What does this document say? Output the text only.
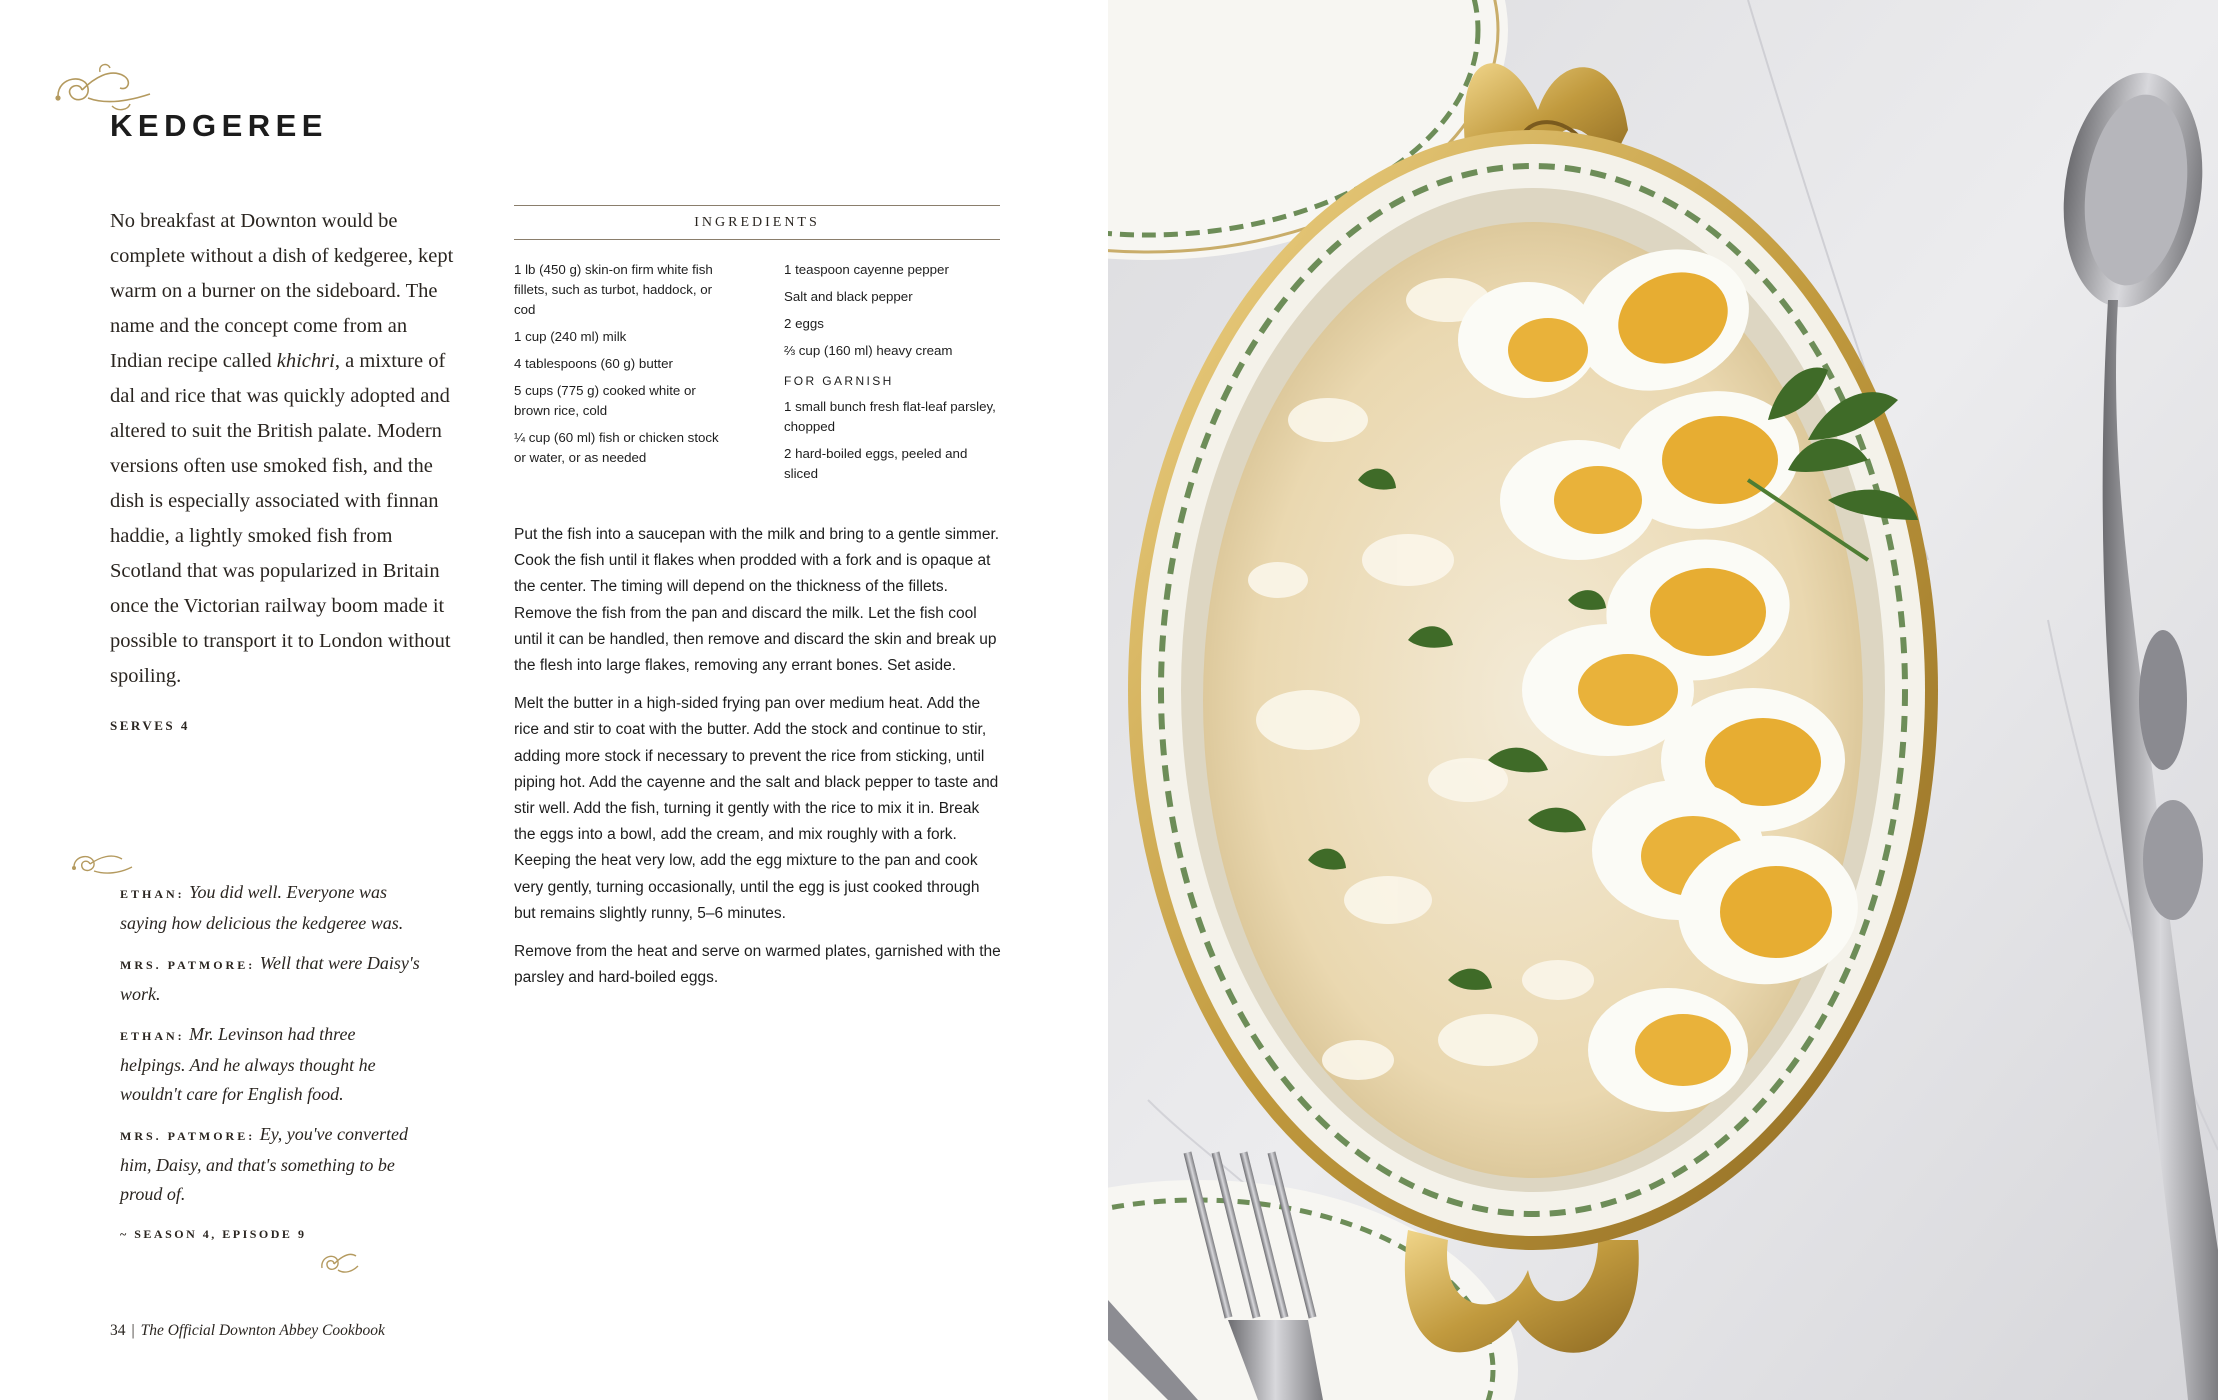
KEDGEREE

No breakfast at Downton would be complete without a dish of kedgeree, kept warm on a burner on the sideboard. The name and the concept come from an Indian recipe called khichri, a mixture of dal and rice that was quickly adopted and altered to suit the British palate. Modern versions often use smoked fish, and the dish is especially associated with finnan haddie, a lightly smoked fish from Scotland that was popularized in Britain once the Victorian railway boom made it possible to transport it to London without spoiling.

SERVES 4

INGREDIENTS

1 lb (450 g) skin-on firm white fish fillets, such as turbot, haddock, or cod

1 cup (240 ml) milk

4 tablespoons (60 g) butter

5 cups (775 g) cooked white or brown rice, cold

¼ cup (60 ml) fish or chicken stock or water, or as needed

1 teaspoon cayenne pepper

Salt and black pepper

2 eggs

⅔ cup (160 ml) heavy cream

FOR GARNISH

1 small bunch fresh flat-leaf parsley, chopped

2 hard-boiled eggs, peeled and sliced

Put the fish into a saucepan with the milk and bring to a gentle simmer. Cook the fish until it flakes when prodded with a fork and is opaque at the center. The timing will depend on the thickness of the fillets. Remove the fish from the pan and discard the milk. Let the fish cool until it can be handled, then remove and discard the skin and break up the flesh into large flakes, removing any errant bones. Set aside.

Melt the butter in a high-sided frying pan over medium heat. Add the rice and stir to coat with the butter. Add the stock and continue to stir, adding more stock if necessary to prevent the rice from sticking, until piping hot. Add the cayenne and the salt and black pepper to taste and stir well. Add the fish, turning it gently with the rice to mix it in. Break the eggs into a bowl, add the cream, and mix roughly with a fork. Keeping the heat very low, add the egg mixture to the pan and cook very gently, turning occasionally, until the egg is just cooked through but remains slightly runny, 5–6 minutes.

Remove from the heat and serve on warmed plates, garnished with the parsley and hard-boiled eggs.

ETHAN: You did well. Everyone was saying how delicious the kedgeree was.

MRS. PATMORE: Well that were Daisy's work.

ETHAN: Mr. Levinson had three helpings. And he always thought he wouldn't care for English food.

MRS. PATMORE: Ey, you've converted him, Daisy, and that's something to be proud of.

~ SEASON 4, EPISODE 9
34 | The Official Downton Abbey Cookbook
